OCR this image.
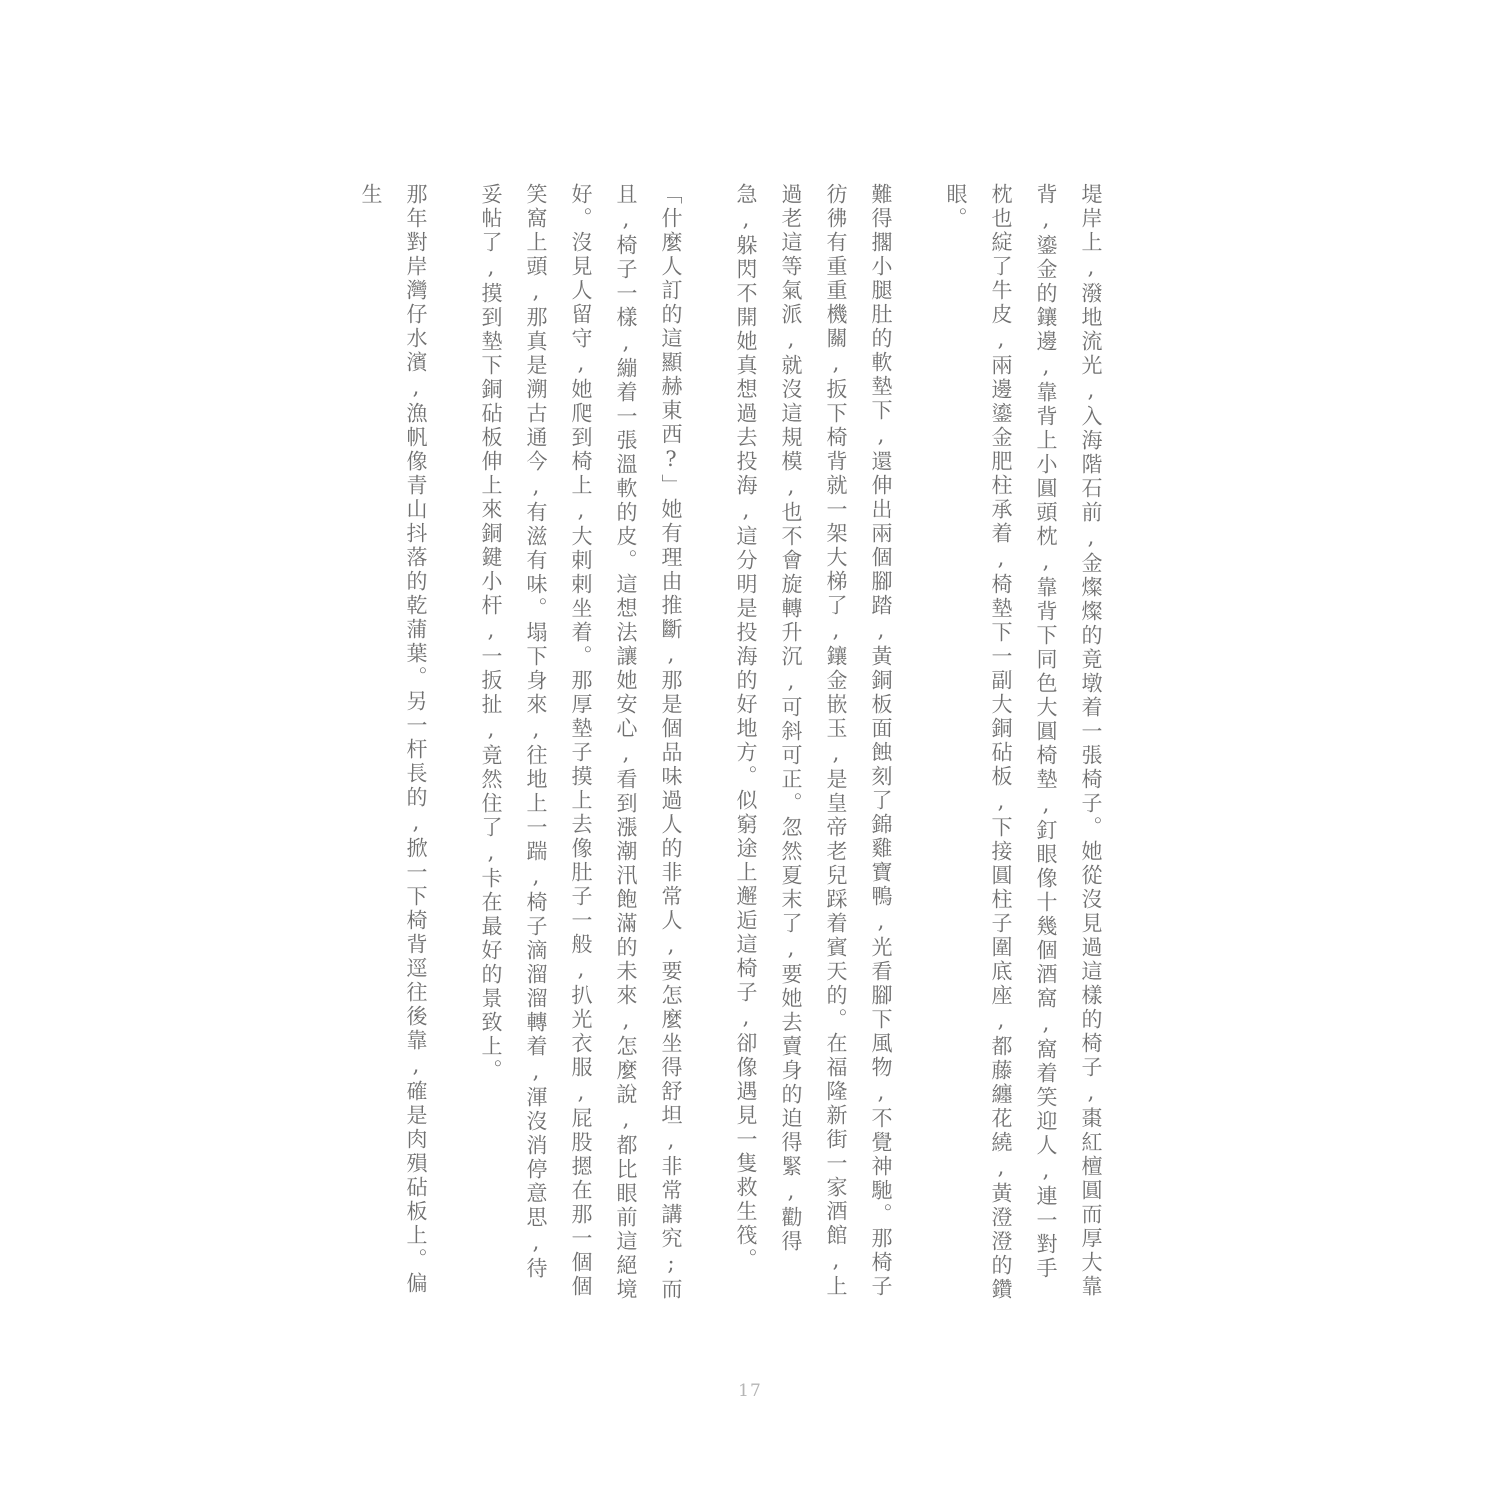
堤岸上,潑地流光,入海階石前,金燦燦的竟墩着一張椅子。她從沒見過這樣的椅子,棗紅檀圓而厚大靠背,鎏金的鑲邊,靠背上小圓頭枕,靠背下同色大圓椅墊,釘眼像十幾個酒窩,窩着笑迎人,連一對手枕也綻了牛皮,兩邊鎏金肥柱承着,椅墊下一副大銅砧板,下接圓柱子圍底座,都藤纏花繞,黃澄澄的鑽眼。

難得擱小腿肚的軟墊下,還伸出兩個腳踏,黃銅板面蝕刻了錦雞寶鴨,光看腳下風物,不覺神馳。那椅子彷彿有重重機關,扳下椅背就一架大梯了,鑲金嵌玉,是皇帝老兒踩着賓天的。在福隆新街一家酒館,上過老這等氣派,就沒這規模,也不會旋轉升沉,可斜可正。忽然夏末了,要她去賣身的迫得緊,勸得急,躲閃不開她真想過去投海,這分明是投海的好地方。似窮途上邂逅這椅子,卻像遇見一隻救生筏。

「什麼人訂的這顯赫東西?」她有理由推斷,那是個品味過人的非常人,要怎麼坐得舒坦,非常講究;而且,椅子一樣,繃着一張溫軟的皮。這想法讓她安心,看到漲潮汛飽滿的未來,怎麼說,都比眼前這絕境好。沒見人留守,她爬到椅上,大剌剌坐着。那厚墊子摸上去像肚子一般,扒光衣服,屁股摁在那一個個笑窩上頭,那真是溯古通今,有滋有味。塌下身來,往地上一踹,椅子滴溜溜轉着,渾沒消停意思,待妥帖了,摸到墊下銅砧板伸上來銅鍵小杆,一扳扯,竟然住了,卡在最好的景致上。

那年對岸灣仔水濱,漁帆像青山抖落的乾蒲葉。另一杆長的,掀一下椅背逕往後靠,確是肉殞砧板上。偏生

17
